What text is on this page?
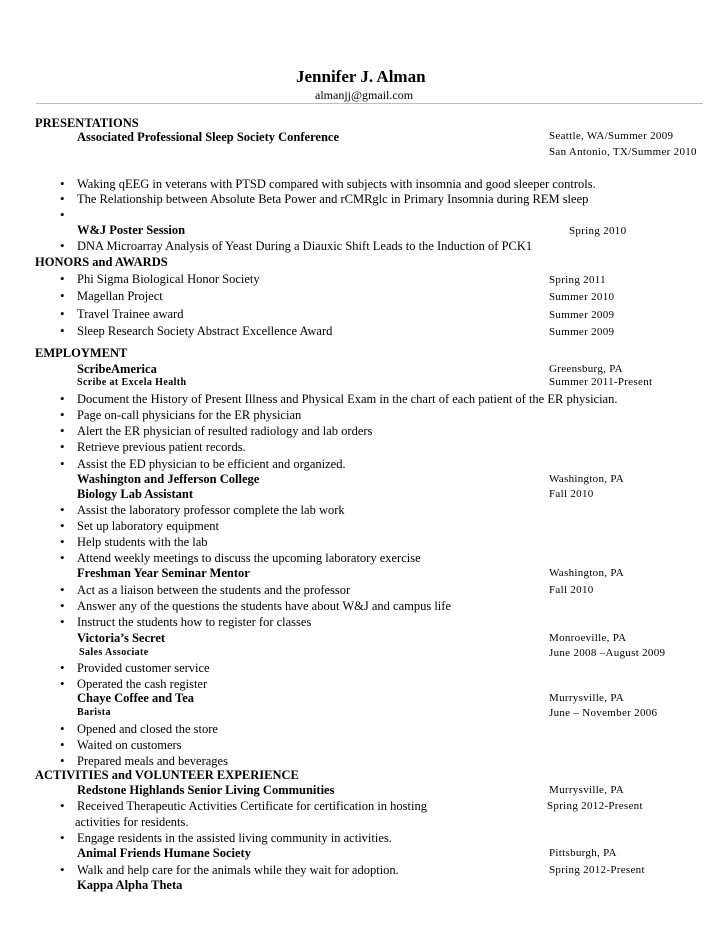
Jennifer J. Alman
almanjj@gmail.com
PRESENTATIONS
Associated Professional Sleep Society Conference	Seattle, WA/Summer 2009
San Antonio, TX/Summer 2010
• Waking qEEG in veterans with PTSD compared with subjects with insomnia and good sleeper controls.
• The Relationship between Absolute Beta Power and rCMRglc in Primary Insomnia during REM sleep
•
W&J Poster Session	Spring 2010
• DNA Microarray Analysis of Yeast During a Diauxic Shift Leads to the Induction of PCK1
HONORS and AWARDS
• Phi Sigma Biological Honor Society	Spring 2011
• Magellan Project	Summer 2010
• Travel Trainee award	Summer 2009
• Sleep Research Society Abstract Excellence Award	Summer 2009
EMPLOYMENT
ScribeAmerica	Greensburg, PA
Scribe at Excela Health	Summer 2011-Present
• Document the History of Present Illness and Physical Exam in the chart of each patient of the ER physician.
• Page on-call physicians for the ER physician
• Alert the ER physician of resulted radiology and lab orders
• Retrieve previous patient records.
• Assist the ED physician to be efficient and organized.
Washington and Jefferson College	Washington, PA
Biology Lab Assistant	Fall 2010
• Assist the laboratory professor complete the lab work
• Set up laboratory equipment
• Help students with the lab
• Attend weekly meetings to discuss the upcoming laboratory exercise
Freshman Year Seminar Mentor	Washington, PA
• Act as a liaison between the students and the professor	Fall 2010
• Answer any of the questions the students have about W&J and campus life
• Instruct the students how to register for classes
Victoria’s Secret	Monroeville, PA
Sales Associate	June 2008 –August 2009
• Provided customer service
• Operated the cash register
Chaye Coffee and Tea	Murrysville, PA
Barista	June – November 2006
• Opened and closed the store
• Waited on customers
• Prepared meals and beverages
ACTIVITIES and VOLUNTEER EXPERIENCE
Redstone Highlands Senior Living Communities	Murrysville, PA
• Received Therapeutic Activities Certificate for certification in hosting	Spring 2012-Present
activities for residents.
• Engage residents in the assisted living community in activities.
Animal Friends Humane Society	Pittsburgh, PA
• Walk and help care for the animals while they wait for adoption.	Spring 2012-Present
Kappa Alpha Theta
